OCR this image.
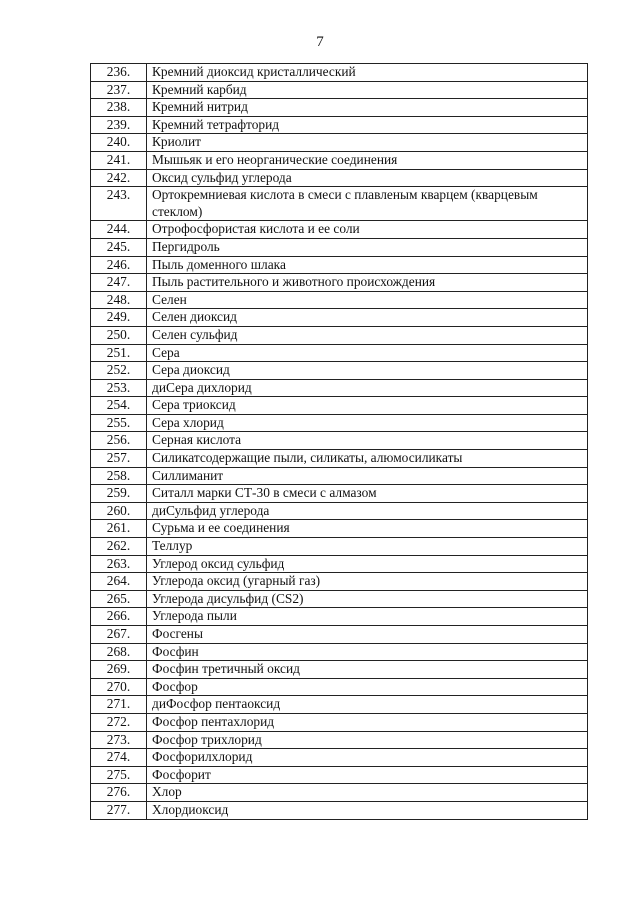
7
236.	Кремний диоксид кристаллический
237.	Кремний карбид
238.	Кремний нитрид
239.	Кремний тетрафторид
240.	Криолит
241.	Мышьяк и его неорганические соединения
242.	Оксид сульфид углерода
243.	Ортокремниевая кислота в смеси с плавленым кварцем (кварцевым стеклом)
244.	Отрофосфористая кислота и ее соли
245.	Пергидроль
246.	Пыль доменного шлака
247.	Пыль растительного и животного происхождения
248.	Селен
249.	Селен диоксид
250.	Селен сульфид
251.	Сера
252.	Сера диоксид
253.	диСера дихлорид
254.	Сера триоксид
255.	Сера хлорид
256.	Серная кислота
257.	Силикатсодержащие пыли, силикаты, алюмосиликаты
258.	Силлиманит
259.	Ситалл марки СТ-30 в смеси с алмазом
260.	диСульфид углерода
261.	Сурьма и ее соединения
262.	Теллур
263.	Углерод оксид сульфид
264.	Углерода оксид (угарный газ)
265.	Углерода дисульфид (CS2)
266.	Углерода пыли
267.	Фосгены
268.	Фосфин
269.	Фосфин третичный оксид
270.	Фосфор
271.	диФосфор пентаоксид
272.	Фосфор пентахлорид
273.	Фосфор трихлорид
274.	Фосфорилхлорид
275.	Фосфорит
276.	Хлор
277.	Хлордиоксид
